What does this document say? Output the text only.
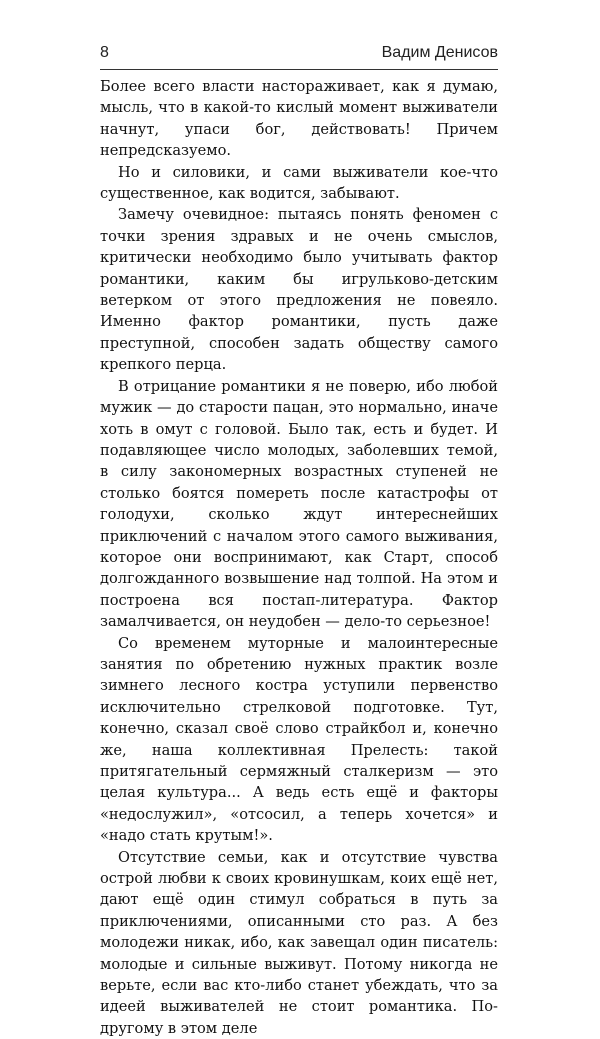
8	Вадим Денисов

Более всего власти настораживает, как я думаю, мысль, что в какой-то кислый момент выживатели начнут, упаси бог, действовать! Причем непредсказуемо.

Но и силовики, и сами выживатели кое-что существенное, как водится, забывают.

Замечу очевидное: пытаясь понять феномен с точки зрения здравых и не очень смыслов, критически необходимо было учитывать фактор романтики, каким бы игрульково-детским ветерком от этого предложения не повеяло. Именно фактор романтики, пусть даже преступной, способен задать обществу самого крепкого перца.

В отрицание романтики я не поверю, ибо любой мужик — до старости пацан, это нормально, иначе хоть в омут с головой. Было так, есть и будет. И подавляющее число молодых, заболевших темой, в силу закономерных возрастных ступеней не столько боятся помереть после катастрофы от голодухи, сколько ждут интереснейших приключений с началом этого самого выживания, которое они воспринимают, как Старт, способ долгожданного возвышение над толпой. На этом и построена вся постап-литература. Фактор замалчивается, он неудобен — дело-то серьезное!

Со временем муторные и малоинтересные занятия по обретению нужных практик возле зимнего лесного костра уступили первенство исключительно стрелковой подготовке. Тут, конечно, сказал своё слово страйкбол и, конечно же, наша коллективная Прелесть: такой притягательный сермяжный сталкеризм — это целая культура... А ведь есть ещё и факторы «недослужил», «отсосил, а теперь хочется» и «надо стать крутым!».

Отсутствие семьи, как и отсутствие чувства острой любви к своих кровинушкам, коих ещё нет, дают ещё один стимул собраться в путь за приключениями, описанными сто раз. А без молодежи никак, ибо, как завещал один писатель: молодые и сильные выживут. Потому никогда не верьте, если вас кто-либо станет убеждать, что за идеей выживателей не стоит романтика. По-другому в этом деле
